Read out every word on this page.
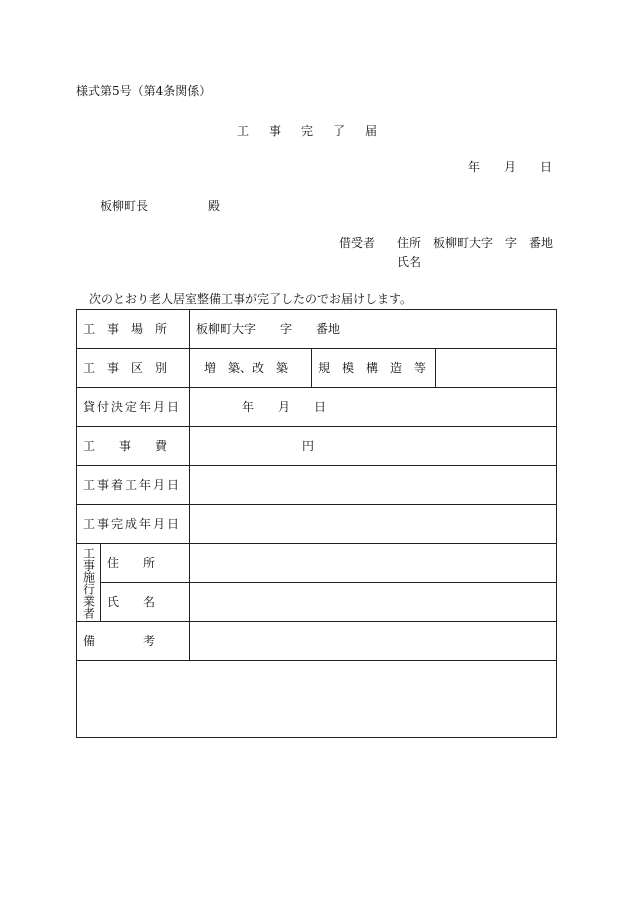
様式第5号（第4条関係）
工　事　完　了　届
年　　月　　日
板柳町長　　　　　殿
借受者 住所 板柳町大字　字　番地
氏名
次のとおり老人居室整備工事が完了したのでお届けします。
工　事　場　所		板柳町大字　　字　　番地		
工　事　区　別		増　築、改　築	規　模　構　造　等	
貸付決定年月日		年　　月　　日		
工　　事　　費		円		
工事着工年月日				
工事完成年月日				

工事施行業者	住　　所			
	氏　　名			
備　　　　考				
